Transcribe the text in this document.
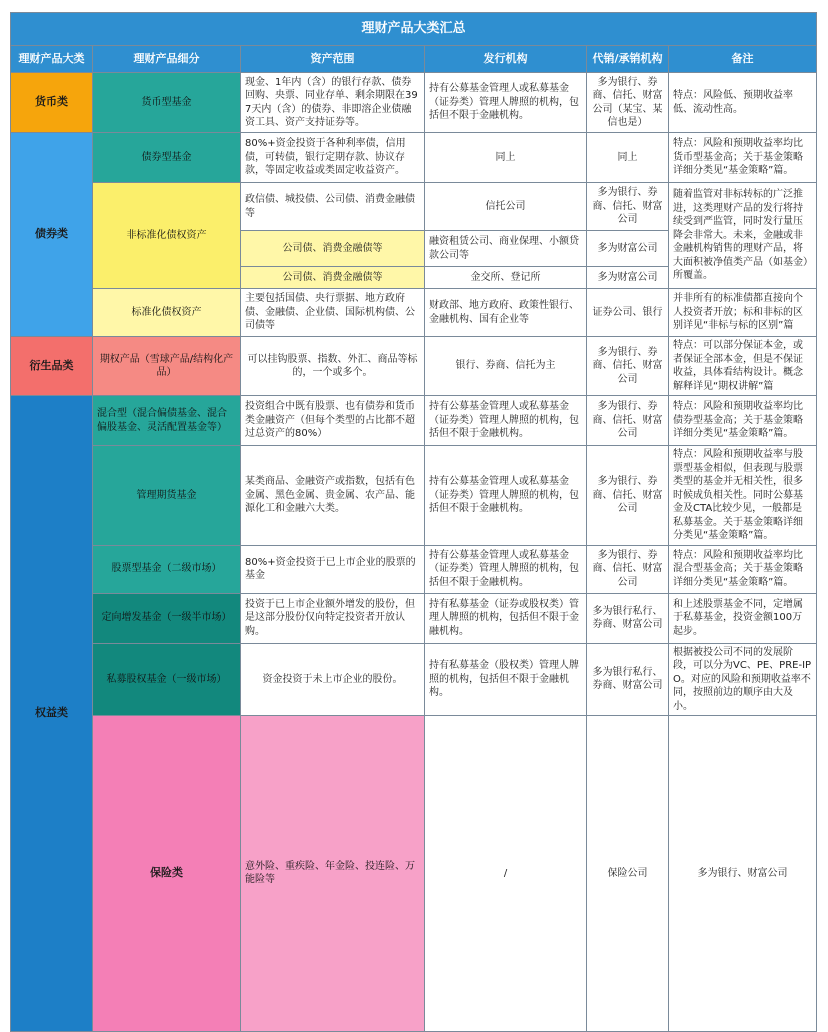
理财产品大类汇总						
理财产品大类	理财产品细分	资产范围	发行机构	代销/承销机构	备注	
货币类	货币型基金	现金、1年内（含）的银行存款、债券回购、央票、同业存单、剩余期限在397天内（含）的债券、非即溶企业债融资工具、资产支持证券等。	持有公募基金管理人或私募基金（证券类）管理人牌照的机构，包括但不限于金融机构。	多为银行、券商、信托、财富公司（某宝、某信也是）	特点：风险低、预期收益率低、流动性高。	
债券类	债券型基金	80%+资金投资于各种利率债，信用债，可转债，银行定期存款、协议存款，等固定收益或类固定收益资产。	同上	同上	特点：风险和预期收益率均比货币型基金高；关于基金策略详细分类见“基金策略”篇。	
	非标准化债权资产	政信债、城投债、公司债、消费金融债等	信托公司	多为银行、券商、信托、财富公司	随着监管对非标转标的广泛推进，这类理财产品的发行将持续受到严监管，同时发行量压降会非常大。未来，金融或非金融机构销售的理财产品，将大面积被净值类产品（如基金）所覆盖。	
		公司债、消费金融债等	融资租赁公司、商业保理、小额贷款公司等	多为财富公司		
		公司债、消费金融债等	金交所、登记所	多为财富公司		
	标准化债权资产	主要包括国债、央行票据、地方政府债、金融债、企业债、国际机构债、公司债等	财政部、地方政府、政策性银行、金融机构、国有企业等	证券公司、银行	并非所有的标准债都直接向个人投资者开放；标和非标的区别详见“非标与标的区别”篇	
衍生品类	期权产品（雪球产品/结构化产品）	可以挂钩股票、指数、外汇、商品等标的，一个或多个。	银行、券商、信托为主	多为银行、券商、信托、财富公司	特点：可以部分保证本金，或者保证全部本金，但是不保证收益，具体看结构设计。概念解释详见“期权讲解”篇	
权益类	混合型（混合偏债基金、混合偏股基金、灵活配置基金等）	投资组合中既有股票、也有债券和货币类金融资产（但每个类型的占比都不超过总资产的80%）	持有公募基金管理人或私募基金（证券类）管理人牌照的机构，包括但不限于金融机构。	多为银行、券商、信托、财富公司	特点：风险和预期收益率均比债券型基金高；关于基金策略详细分类见“基金策略”篇。	
	管理期货基金	某类商品、金融资产或指数，包括有色金属、黑色金属、贵金属、农产品、能源化工和金融六大类。	持有公募基金管理人或私募基金（证券类）管理人牌照的机构，包括但不限于金融机构。	多为银行、券商、信托、财富公司	特点：风险和预期收益率与股票型基金相似，但表现与股票类型的基金并无相关性，很多时候成负相关性。同时公募基金及CTA比较少见，一般都是私募基金。关于基金策略详细分类见“基金策略”篇。	
	股票型基金（二级市场）	80%+资金投资于已上市企业的股票的基金	持有公募基金管理人或私募基金（证券类）管理人牌照的机构，包括但不限于金融机构。	多为银行、券商、信托、财富公司	特点：风险和预期收益率均比混合型基金高；关于基金策略详细分类见“基金策略”篇。	
	定向增发基金（一级半市场）	投资于已上市企业额外增发的股份，但是这部分股份仅向特定投资者开放认购。	持有私募基金（证券或股权类）管理人牌照的机构，包括但不限于金融机构。	多为银行私行、券商、财富公司	和上述股票基金不同，定增属于私募基金，投资金额100万起步。	
	私募股权基金（一级市场）	资金投资于未上市企业的股份。	持有私募基金（股权类）管理人牌照的机构，包括但不限于金融机构。	多为银行私行、券商、财富公司	根据被投公司不同的发展阶段，可以分为VC、PE、PRE-IPO。对应的风险和预期收益率不同，按照前边的顺序由大及小。	
	保险类	意外险、重疾险、年金险、投连险、万能险等	/	保险公司	多为银行、财富公司	
